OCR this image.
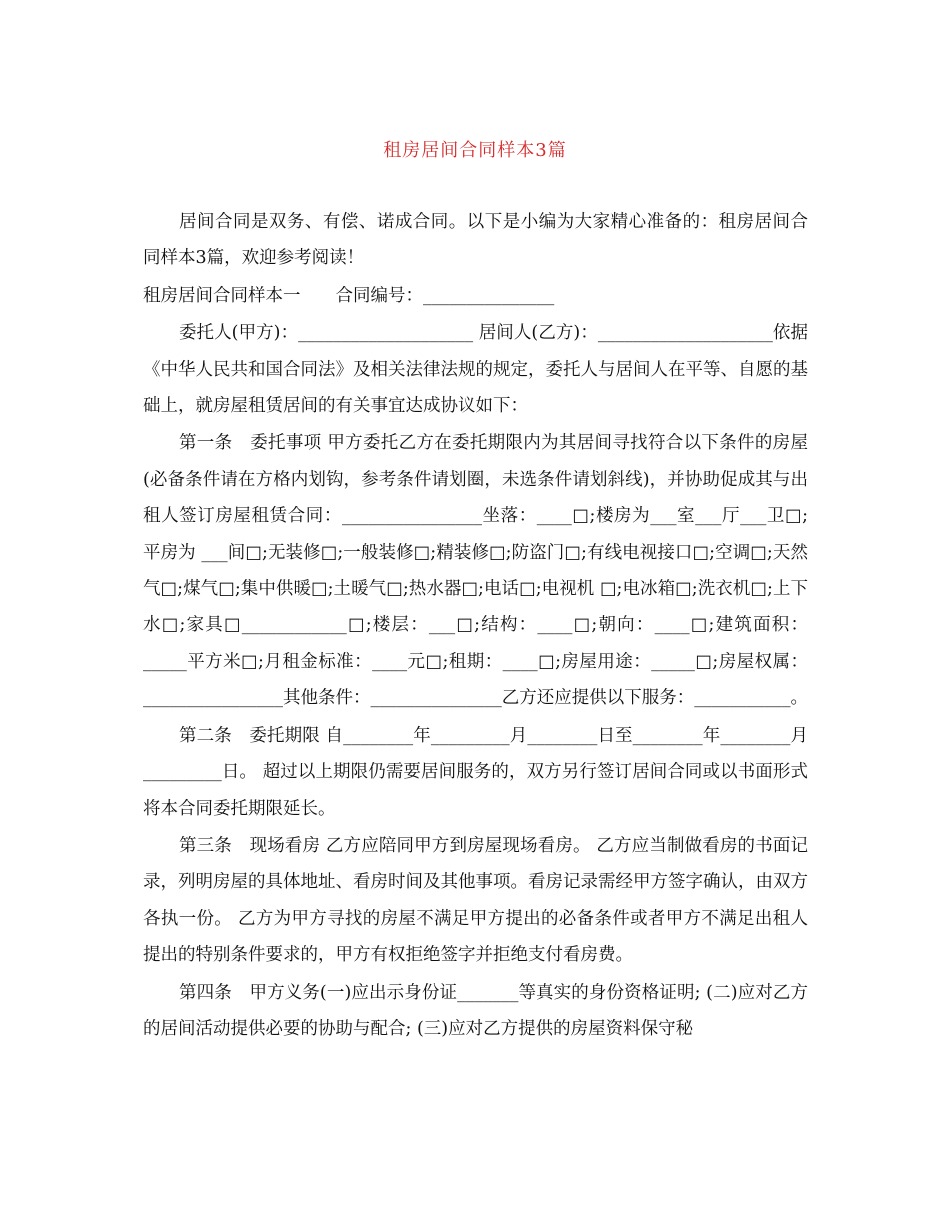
租房居间合同样本3篇

居间合同是双务、有偿、诺成合同。以下是小编为大家精心准备的：租房居间合同样本3篇，欢迎参考阅读！

租房居间合同样本一　　合同编号：_______________

委托人(甲方)：____________________ 居间人(乙方)：____________________依据《中华人民共和国合同法》及相关法律法规的规定，委托人与居间人在平等、自愿的基础上，就房屋租赁居间的有关事宜达成协议如下：

第一条　委托事项 甲方委托乙方在委托期限内为其居间寻找符合以下条件的房屋(必备条件请在方格内划钩，参考条件请划圈，未选条件请划斜线)，并协助促成其与出租人签订房屋租赁合同：________________坐落：____□;楼房为___室___厅___卫□;平房为 ___间□;无装修□;一般装修□;精装修□;防盗门□;有线电视接口□;空调□;天然气□;煤气□;集中供暖□;土暖气□;热水器□;电话□;电视机 □;电冰箱□;洗衣机□;上下水□;家具□____________□;楼层：___□;结构：____□;朝向：____□;建筑面积：_____平方米□;月租金标准：____元□;租期：____□;房屋用途：_____□;房屋权属：________________其他条件：_______________乙方还应提供以下服务：___________。

第二条　委托期限 自________年_________月________日至________年________月_________日。 超过以上期限仍需要居间服务的，双方另行签订居间合同或以书面形式将本合同委托期限延长。

第三条　现场看房 乙方应陪同甲方到房屋现场看房。 乙方应当制做看房的书面记录，列明房屋的具体地址、看房时间及其他事项。看房记录需经甲方签字确认，由双方各执一份。 乙方为甲方寻找的房屋不满足甲方提出的必备条件或者甲方不满足出租人提出的特别条件要求的，甲方有权拒绝签字并拒绝支付看房费。

第四条　甲方义务(一)应出示身份证_______等真实的身份资格证明; (二)应对乙方的居间活动提供必要的协助与配合; (三)应对乙方提供的房屋资料保守秘
